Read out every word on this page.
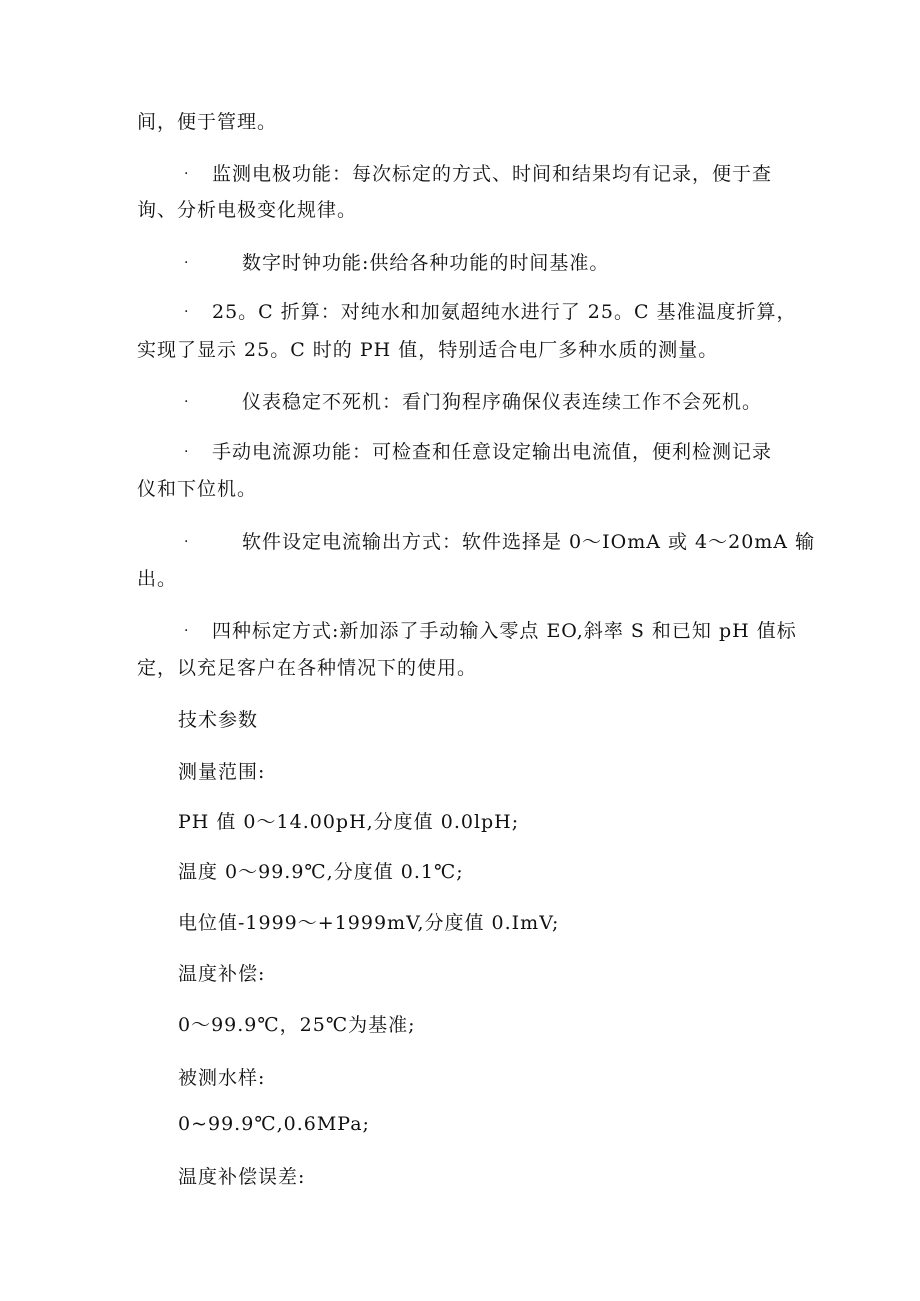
间，便于管理。
· 监测电极功能：每次标定的方式、时间和结果均有记录，便于查
询、分析电极变化规律。
·	数字时钟功能:供给各种功能的时间基准。
· 25。C 折算：对纯水和加氨超纯水进行了 25。C 基准温度折算，
实现了显示 25。C 时的 PH 值，特别适合电厂多种水质的测量。
·	仪表稳定不死机：看门狗程序确保仪表连续工作不会死机。
· 手动电流源功能：可检查和任意设定输出电流值，便利检测记录
仪和下位机。
·	软件设定电流输出方式：软件选择是 0～IOmA 或 4～20mA 输
出。
· 四种标定方式:新加添了手动输入零点 EO,斜率 S 和已知 pH 值标
定，以充足客户在各种情况下的使用。
技术参数
测量范围:
PH 值 0～14.00pH,分度值 0.0lpH;
温度 0～99.9℃,分度值 0.1℃;
电位值-1999～+1999mV,分度值 0.ImV;
温度补偿:
0～99.9℃，25℃为基准;
被测水样:
0~99.9℃,0.6MPa;
温度补偿误差:
